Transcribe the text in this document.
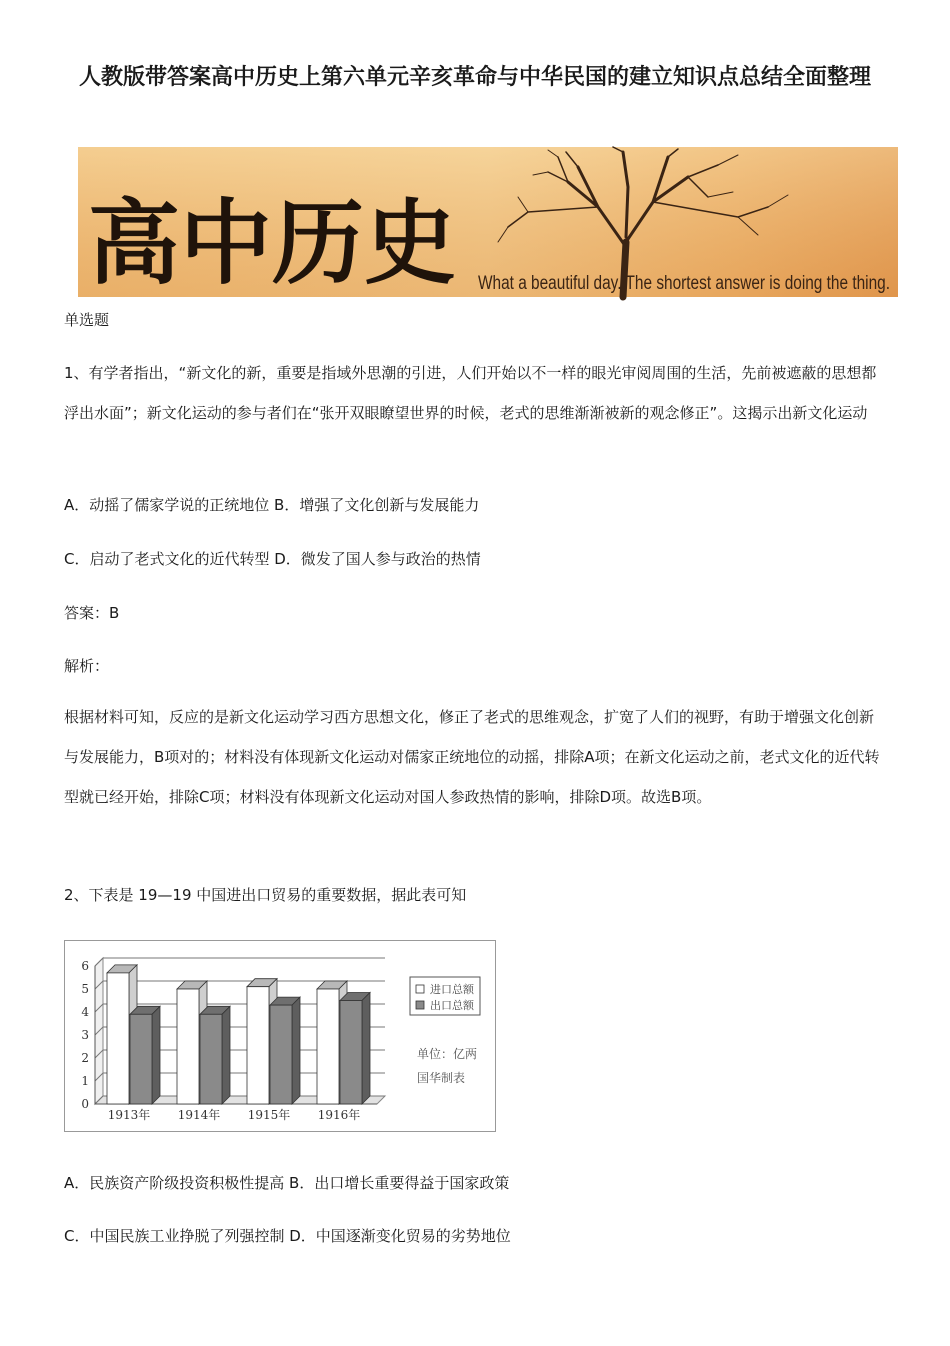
人教版带答案高中历史上第六单元辛亥革命与中华民国的建立知识点总结全面整理
高中历史 What a beautiful day. The shortest answer is doing the thing.
单选题
1、有学者指出，“新文化的新，重要是指域外思潮的引进，人们开始以不一样的眼光审阅周围的生活，先前被遮蔽的思想都浮出水面”；新文化运动的参与者们在“张开双眼瞭望世界的时候，老式的思维渐渐被新的观念修正”。这揭示出新文化运动
A．动摇了儒家学说的正统地位 B．增强了文化创新与发展能力
C．启动了老式文化的近代转型 D．微发了国人参与政治的热情
答案：B
解析：
根据材料可知，反应的是新文化运动学习西方思想文化，修正了老式的思维观念，扩宽了人们的视野，有助于增强文化创新与发展能力，B项对的；材料没有体现新文化运动对儒家正统地位的动摇，排除A项；在新文化运动之前，老式文化的近代转型就已经开始，排除C项；材料没有体现新文化运动对国人参政热情的影响，排除D项。故选B项。
2、下表是 19—19 中国进出口贸易的重要数据，据此表可知
0
1
2
3
4
5
6
1913年 1914年 1915年 1916年
进口总额
出口总额
单位：亿两
国华制表
A．民族资产阶级投资积极性提高 B．出口增长重要得益于国家政策
C．中国民族工业挣脱了列强控制 D．中国逐渐变化贸易的劣势地位
